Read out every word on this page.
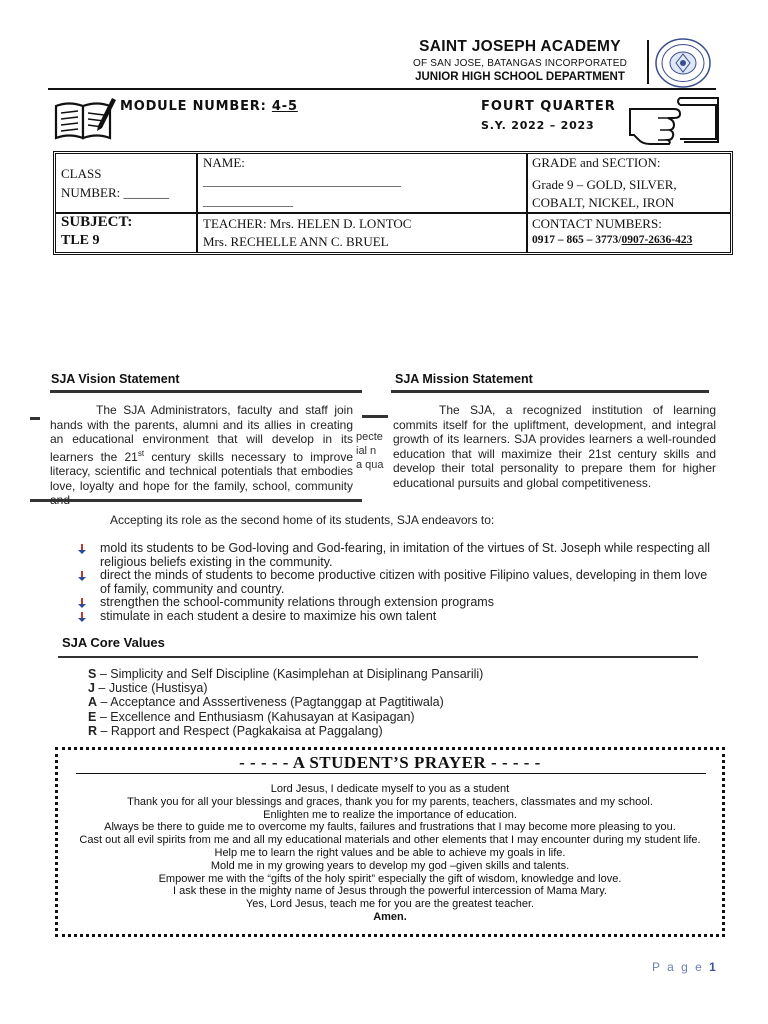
SAINT JOSEPH ACADEMY
OF SAN JOSE, BATANGAS INCORPORATED
JUNIOR HIGH SCHOOL DEPARTMENT
MODULE NUMBER: 4-5	FOURT QUARTER
S.Y. 2022 – 2023
CLASS
NUMBER: _______
NAME:
_________________________________
_______________
GRADE and SECTION:
Grade 9 – GOLD, SILVER,
COBALT, NICKEL, IRON
SUBJECT:
TLE 9
TEACHER: Mrs. HELEN D. LONTOC
Mrs. RECHELLE ANN C. BRUEL
CONTACT NUMBERS:
0917 – 865 – 3773/0907-2636-423
SJA Vision Statement
The SJA Administrators, faculty and staff join hands with the parents, alumni and its allies in creating an educational environment that will develop in its learners the 21st century skills necessary to improve literacy, scientific and technical potentials that embodies love, loyalty and hope for the family, school, community
pecte
ial n
a qua
SJA Mission Statement
The SJA, a recognized institution of learning commits itself for the upliftment, development, and integral growth of its learners. SJA provides learners a well-rounded education that will maximize their 21st century skills and develop their total personality to prepare them for higher educational pursuits and global competitiveness.
Accepting its role as the second home of its students, SJA endeavors to:
mold its students to be God-loving and God-fearing, in imitation of the virtues of St. Joseph while respecting all religious beliefs existing in the community.
direct the minds of students to become productive citizen with positive Filipino values, developing in them love of family, community and country.
strengthen the school-community relations through extension programs
stimulate in each student a desire to maximize his own talent
SJA Core Values
S – Simplicity and Self Discipline (Kasimplehan at Disiplinang Pansarili)
J – Justice (Hustisya)
A – Acceptance and Asssertiveness (Pagtanggap at Pagtitiwala)
E – Excellence and Enthusiasm (Kahusayan at Kasipagan)
R – Rapport and Respect (Pagkakaisa at Paggalang)
- - - - - A STUDENT’S PRAYER - - - - -
Lord Jesus, I dedicate myself to you as a student
Thank you for all your blessings and graces, thank you for my parents, teachers, classmates and my school.
Enlighten me to realize the importance of education.
Always be there to guide me to overcome my faults, failures and frustrations that I may become more pleasing to you.
Cast out all evil spirits from me and all my educational materials and other elements that I may encounter during my student life.
Help me to learn the right values and be able to achieve my goals in life.
Mold me in my growing years to develop my god –given skills and talents.
Empower me with the “gifts of the holy spirit” especially the gift of wisdom, knowledge and love.
I ask these in the mighty name of Jesus through the powerful intercession of Mama Mary.
Yes, Lord Jesus, teach me for you are the greatest teacher.
Amen.
P a g e 1
